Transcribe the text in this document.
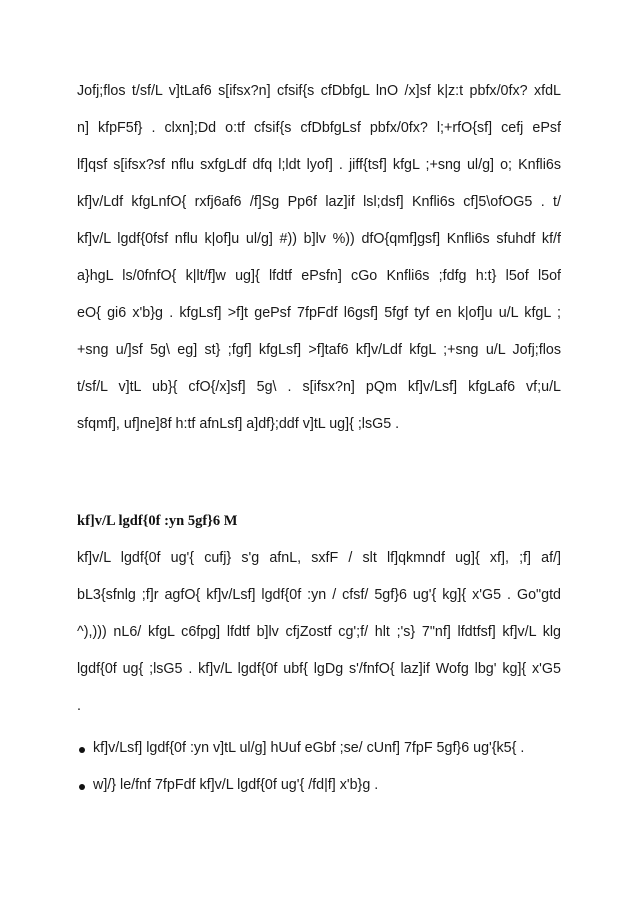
Jofj;flos t/sf/L v]tLaf6 s[ifsx?n] cfsif{s cfDbfgL lnO /x]sf k|z:t pbfx/0fx? xfdL
n] kfpF5f} . clxn];Dd o:tf cfsif{s cfDbfgLsf pbfx/0fx? l;+rfO{sf] cefj ePsf
lf]qsf s[ifsx?sf nflu sxfgLdf dfq l;ldt lyof] . jiff{tsf] kfgL ;+sng ul/g] o; Knfli6s
kf]v/Ldf kfgLnfO{ rxfj6af6 /f]Sg Pp6f laz]if lsl;dsf] Knfli6s cf]5\ofOG5 . t/
kf]v/L lgdf{0fsf nflu k|of]u ul/g] #)) b]lv %)) dfO{qmf]gsf] Knfli6s sfuhdf kf/f
a}hgL ls/0fnfO{ k|lt/f]w ug]{ lfdtf ePsfn] cGo Knfli6s ;fdfg h:t} l5of l5of
eO{ gi6 x'b}g . kfgLsf] >f]t gePsf 7fpFdf l6gsf] 5fgf tyf en k|of]u u/L kfgL ;
+sng u/]sf 5g\ eg] st} ;fgf] kfgLsf] >f]taf6 kf]v/Ldf kfgL ;+sng u/L Jofj;flos
t/sf/L v]tL ub}{ cfO{/x]sf] 5g\ . s[ifsx?n] pQm kf]v/Lsf] kfgLaf6 vf;u/L
sfqmf], uf]ne]8f h:tf afnLsf] a]df};ddf v]tL ug]{ ;lsG5 .
kf]v/L lgdf{0f :yn 5gf}6 M
kf]v/L lgdf{0f ug'{ cufj} s'g afnL, sxfF / slt lf]qkmndf ug]{ xf], ;f] af/]
bL3{sfnlg ;f]r agfO{ kf]v/Lsf] lgdf{0f :yn / cfsf/ 5gf}6 ug'{ kg]{ x'G5 . Go"gtd
^),))) nL6/ kfgL c6fpg] lfdtf b]lv cfjZostf cg';f/ hlt ;'s} 7"nf] lfdtfsf] kf]v/L klg
lgdf{0f ug{ ;lsG5 . kf]v/L lgdf{0f ubf{ lgDg s'/fnfO{ laz]if Wofg lbg' kg]{ x'G5
.
kf]v/Lsf] lgdf{0f :yn v]tL ul/g] hUuf eGbf ;se/ cUnf] 7fpF 5gf}6 ug'{k5{ .
w]/} le/fnf 7fpFdf kf]v/L lgdf{0f ug'{ /fd|f] x'b}g .
